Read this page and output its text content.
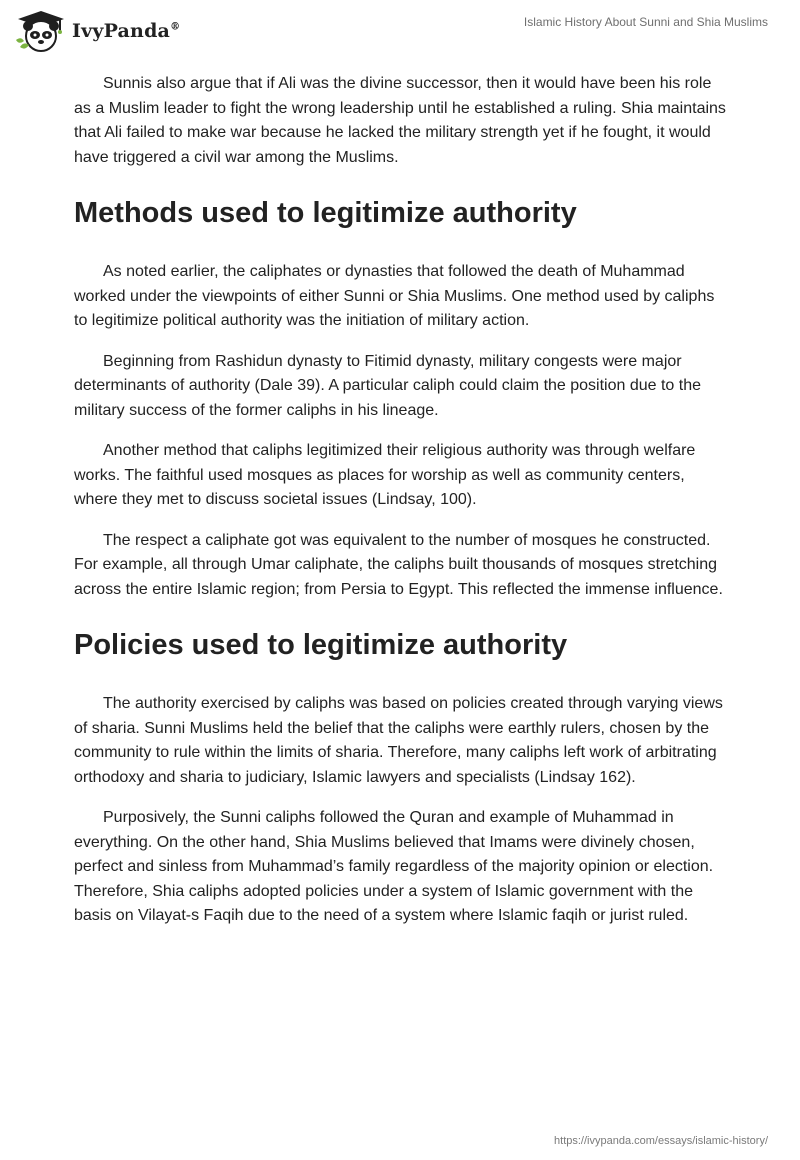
IvyPanda®	Islamic History About Sunni and Shia Muslims

Sunnis also argue that if Ali was the divine successor, then it would have been his role as a Muslim leader to fight the wrong leadership until he established a ruling. Shia maintains that Ali failed to make war because he lacked the military strength yet if he fought, it would have triggered a civil war among the Muslims.

Methods used to legitimize authority

As noted earlier, the caliphates or dynasties that followed the death of Muhammad worked under the viewpoints of either Sunni or Shia Muslims. One method used by caliphs to legitimize political authority was the initiation of military action.

Beginning from Rashidun dynasty to Fitimid dynasty, military congests were major determinants of authority (Dale 39). A particular caliph could claim the position due to the military success of the former caliphs in his lineage.

Another method that caliphs legitimized their religious authority was through welfare works. The faithful used mosques as places for worship as well as community centers, where they met to discuss societal issues (Lindsay, 100).

The respect a caliphate got was equivalent to the number of mosques he constructed. For example, all through Umar caliphate, the caliphs built thousands of mosques stretching across the entire Islamic region; from Persia to Egypt. This reflected the immense influence.

Policies used to legitimize authority

The authority exercised by caliphs was based on policies created through varying views of sharia. Sunni Muslims held the belief that the caliphs were earthly rulers, chosen by the community to rule within the limits of sharia. Therefore, many caliphs left work of arbitrating orthodoxy and sharia to judiciary, Islamic lawyers and specialists (Lindsay 162).

Purposively, the Sunni caliphs followed the Quran and example of Muhammad in everything. On the other hand, Shia Muslims believed that Imams were divinely chosen, perfect and sinless from Muhammad’s family regardless of the majority opinion or election. Therefore, Shia caliphs adopted policies under a system of Islamic government with the basis on Vilayat-s Faqih due to the need of a system where Islamic faqih or jurist ruled.

https://ivypanda.com/essays/islamic-history/
